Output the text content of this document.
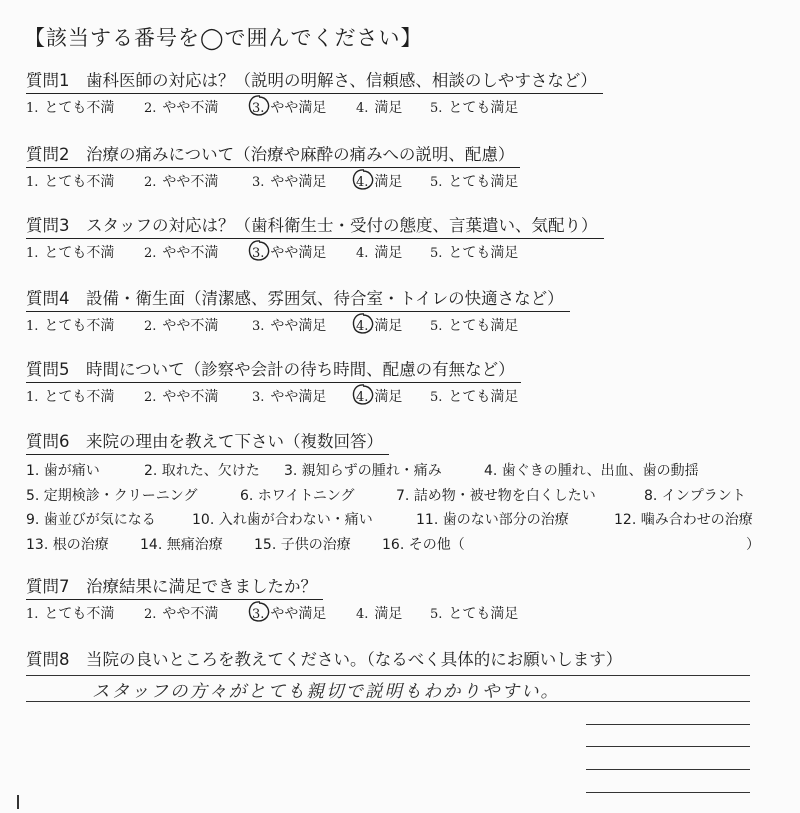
【該当する番号を◯で囲んでください】
質問1　歯科医師の対応は？（説明の明解さ、信頼感、相談のしやすさなど）
1. とても不満 2. やや不満	3. やや満足 4. 満足 5. とても満足
質問2　治療の痛みについて（治療や麻酔の痛みへの説明、配慮）
1. とても不満 2. やや不満	3. やや満足 4. 満足 5. とても満足
質問3　スタッフの対応は？（歯科衛生士・受付の態度、言葉遣い、気配り）
1. とても不満 2. やや不満	3. やや満足 4. 満足 5. とても満足
質問4　設備・衛生面（清潔感、雰囲気、待合室・トイレの快適さなど）
1. とても不満 2. やや不満	3. やや満足 4. 満足 5. とても満足
質問5　時間について（診察や会計の待ち時間、配慮の有無など）
1. とても不満 2. やや不満	3. やや満足 4. 満足 5. とても満足
質問6　来院の理由を教えて下さい（複数回答）
1. 歯が痛い	2. 取れた、欠けた 3. 親知らずの腫れ・痛み	4. 歯ぐきの腫れ、出血、歯の動揺
5. 定期検診・クリーニング	6. ホワイトニング	7. 詰め物・被せ物を白くしたい	8. インプラント
9. 歯並びが気になる	10. 入れ歯が合わない・痛い	11. 歯のない部分の治療	12. 噛み合わせの治療
13. 根の治療 14. 無痛治療 15. 子供の治療 16. その他（	）
質問7　治療結果に満足できましたか？
1. とても不満 2. やや不満	3. やや満足 4. 満足 5. とても満足
質問8　当院の良いところを教えてください。（なるべく具体的にお願いします）
スタッフの方々がとても親切で説明もわかりやすい。
